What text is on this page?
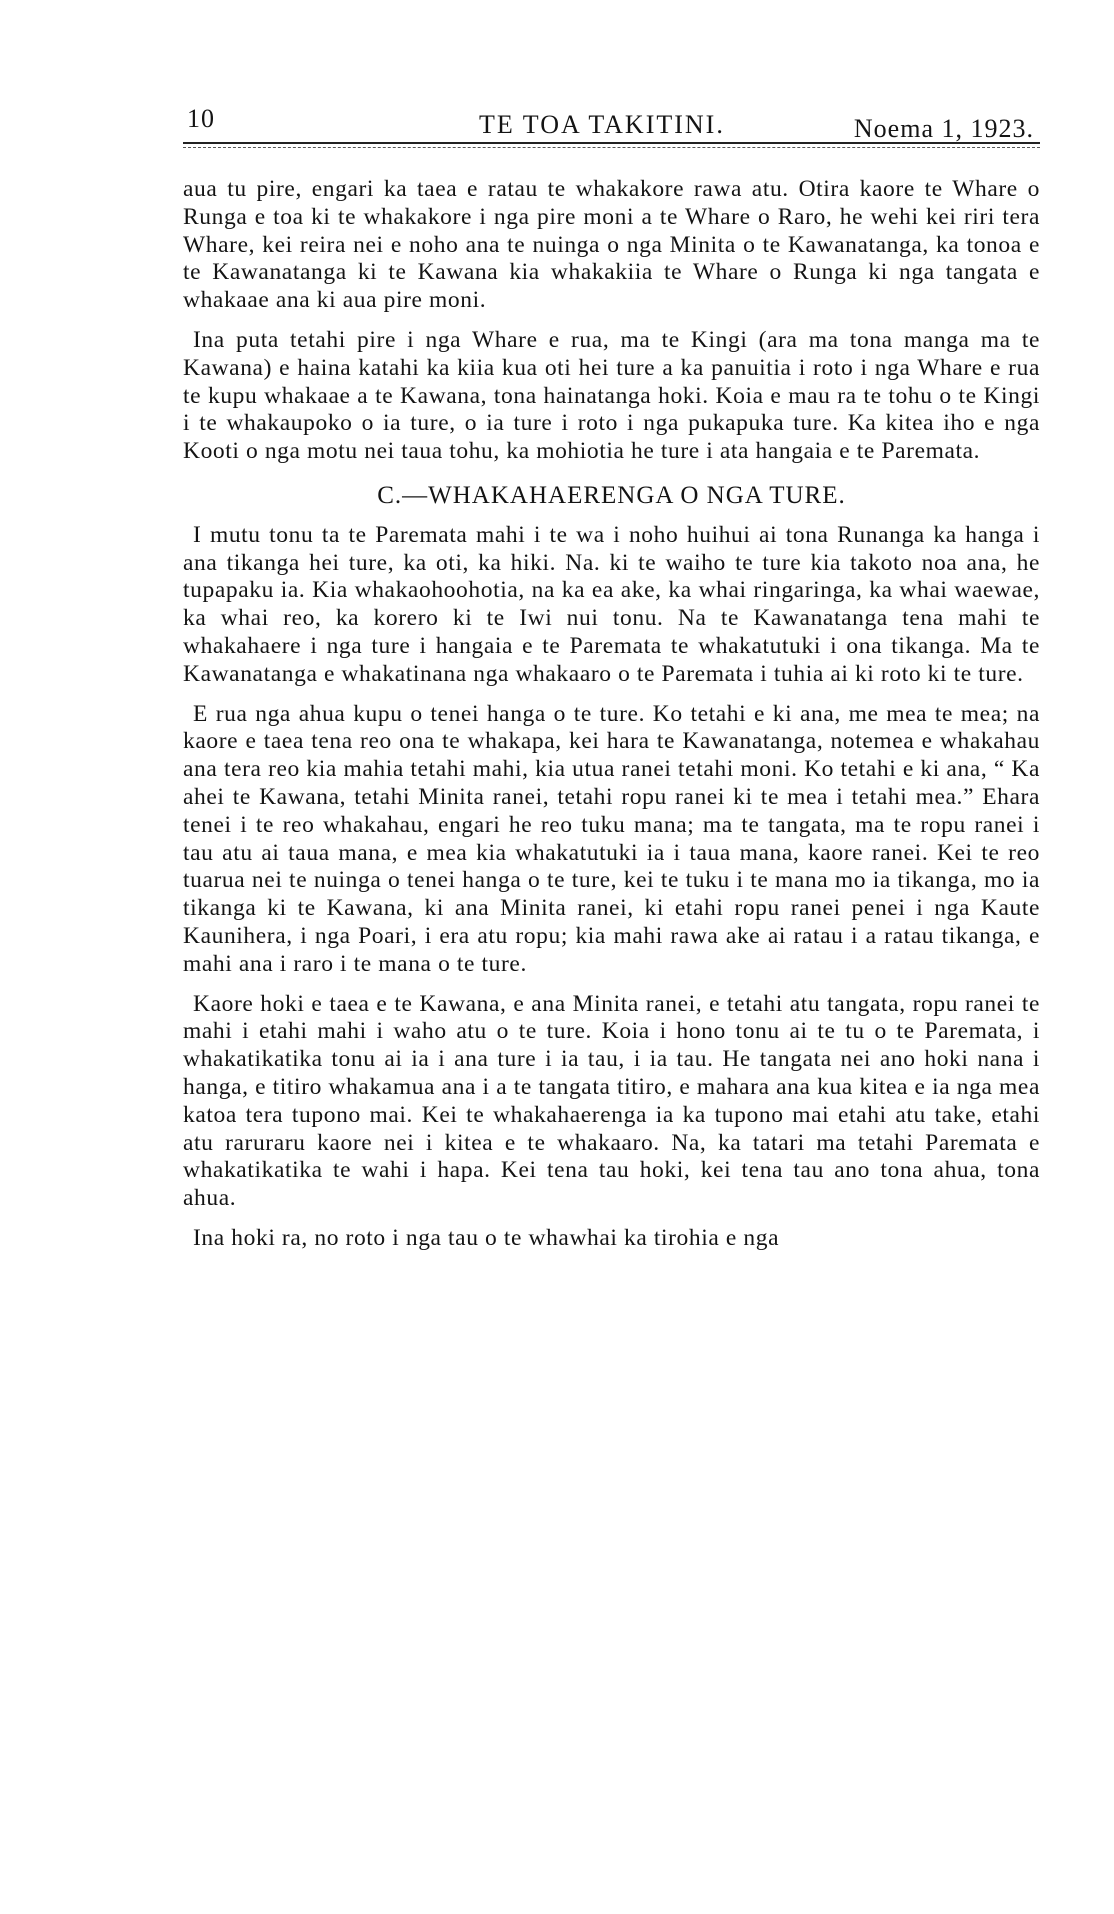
10	TE TOA TAKITINI.	Noema 1, 1923.

aua tu pire, engari ka taea e ratau te whakakore rawa atu. Otira kaore te Whare o Runga e toa ki te whakakore i nga pire moni a te Whare o Raro, he wehi kei riri tera Whare, kei reira nei e noho ana te nuinga o nga Minita o te Kawanatanga, ka tonoa e te Kawanatanga ki te Kawana kia whakakiia te Whare o Runga ki nga tangata e whakaae ana ki aua pire moni.

Ina puta tetahi pire i nga Whare e rua, ma te Kingi (ara ma tona manga ma te Kawana) e haina katahi ka kiia kua oti hei ture a ka panuitia i roto i nga Whare e rua te kupu whakaae a te Kawana, tona hainatanga hoki. Koia e mau ra te tohu o te Kingi i te whakaupoko o ia ture, o ia ture i roto i nga pukapuka ture. Ka kitea iho e nga Kooti o nga motu nei taua tohu, ka mohiotia he ture i ata hangaia e te Paremata.

C.—WHAKAHAERENGA O NGA TURE.

I mutu tonu ta te Paremata mahi i te wa i noho huihui ai tona Runanga ka hanga i ana tikanga hei ture, ka oti, ka hiki. Na. ki te waiho te ture kia takoto noa ana, he tupapaku ia. Kia whakaohoohotia, na ka ea ake, ka whai ringaringa, ka whai waewae, ka whai reo, ka korero ki te Iwi nui tonu. Na te Kawanatanga tena mahi te whakahaere i nga ture i hangaia e te Paremata te whakatutuki i ona tikanga. Ma te Kawanatanga e whakatinana nga whakaaro o te Paremata i tuhia ai ki roto ki te ture.

E rua nga ahua kupu o tenei hanga o te ture. Ko tetahi e ki ana, me mea te mea; na kaore e taea tena reo ona te whakapa, kei hara te Kawanatanga, notemea e whakahau ana tera reo kia mahia tetahi mahi, kia utua ranei tetahi moni. Ko tetahi e ki ana, “ Ka ahei te Kawana, tetahi Minita ranei, tetahi ropu ranei ki te mea i tetahi mea.” Ehara tenei i te reo whakahau, engari he reo tuku mana; ma te tangata, ma te ropu ranei i tau atu ai taua mana, e mea kia whakatutuki ia i taua mana, kaore ranei. Kei te reo tuarua nei te nuinga o tenei hanga o te ture, kei te tuku i te mana mo ia tikanga, mo ia tikanga ki te Kawana, ki ana Minita ranei, ki etahi ropu ranei penei i nga Kaute Kaunihera, i nga Poari, i era atu ropu; kia mahi rawa ake ai ratau i a ratau tikanga, e mahi ana i raro i te mana o te ture.

Kaore hoki e taea e te Kawana, e ana Minita ranei, e tetahi atu tangata, ropu ranei te mahi i etahi mahi i waho atu o te ture. Koia i hono tonu ai te tu o te Paremata, i whakatikatika tonu ai ia i ana ture i ia tau, i ia tau. He tangata nei ano hoki nana i hanga, e titiro whakamua ana i a te tangata titiro, e mahara ana kua kitea e ia nga mea katoa tera tupono mai. Kei te whakahaerenga ia ka tupono mai etahi atu take, etahi atu raruraru kaore nei i kitea e te whakaaro. Na, ka tatari ma tetahi Paremata e whakatikatika te wahi i hapa. Kei tena tau hoki, kei tena tau ano tona ahua, tona ahua.

Ina hoki ra, no roto i nga tau o te whawhai ka tirohia e nga
